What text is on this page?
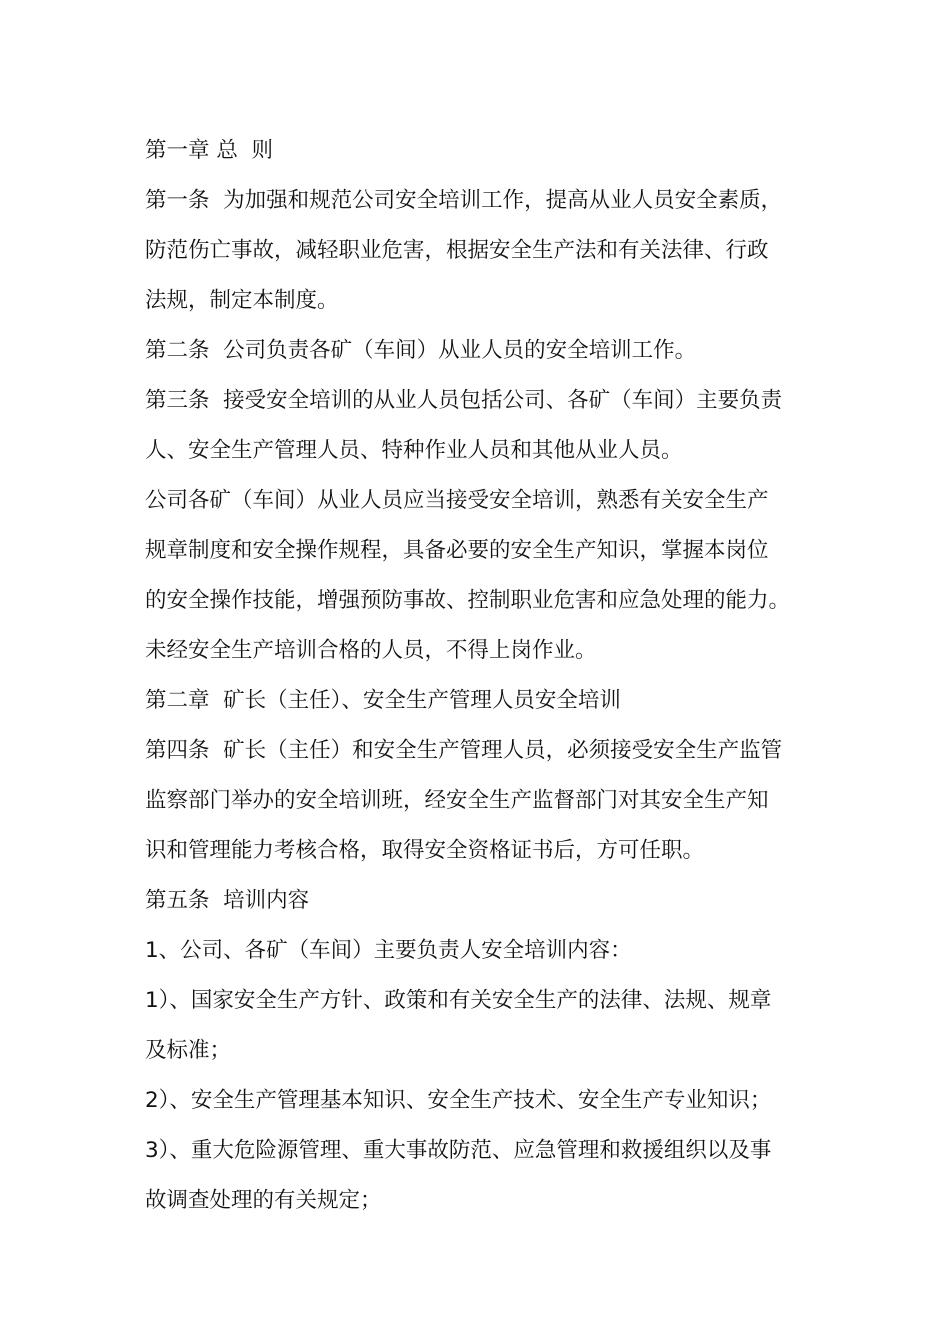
第一章 总  则
第一条  为加强和规范公司安全培训工作，提高从业人员安全素质，
防范伤亡事故，减轻职业危害，根据安全生产法和有关法律、行政
法规，制定本制度。
第二条  公司负责各矿（车间）从业人员的安全培训工作。
第三条  接受安全培训的从业人员包括公司、各矿（车间）主要负责
人、安全生产管理人员、特种作业人员和其他从业人员。
公司各矿（车间）从业人员应当接受安全培训，熟悉有关安全生产
规章制度和安全操作规程，具备必要的安全生产知识，掌握本岗位
的安全操作技能，增强预防事故、控制职业危害和应急处理的能力。
未经安全生产培训合格的人员，不得上岗作业。
第二章  矿长（主任）、安全生产管理人员安全培训
第四条  矿长（主任）和安全生产管理人员，必须接受安全生产监管
监察部门举办的安全培训班，经安全生产监督部门对其安全生产知
识和管理能力考核合格，取得安全资格证书后，方可任职。
第五条  培训内容
1、公司、各矿（车间）主要负责人安全培训内容：
1）、国家安全生产方针、政策和有关安全生产的法律、法规、规章
及标准；
2）、安全生产管理基本知识、安全生产技术、安全生产专业知识；
3）、重大危险源管理、重大事故防范、应急管理和救援组织以及事
故调查处理的有关规定；
